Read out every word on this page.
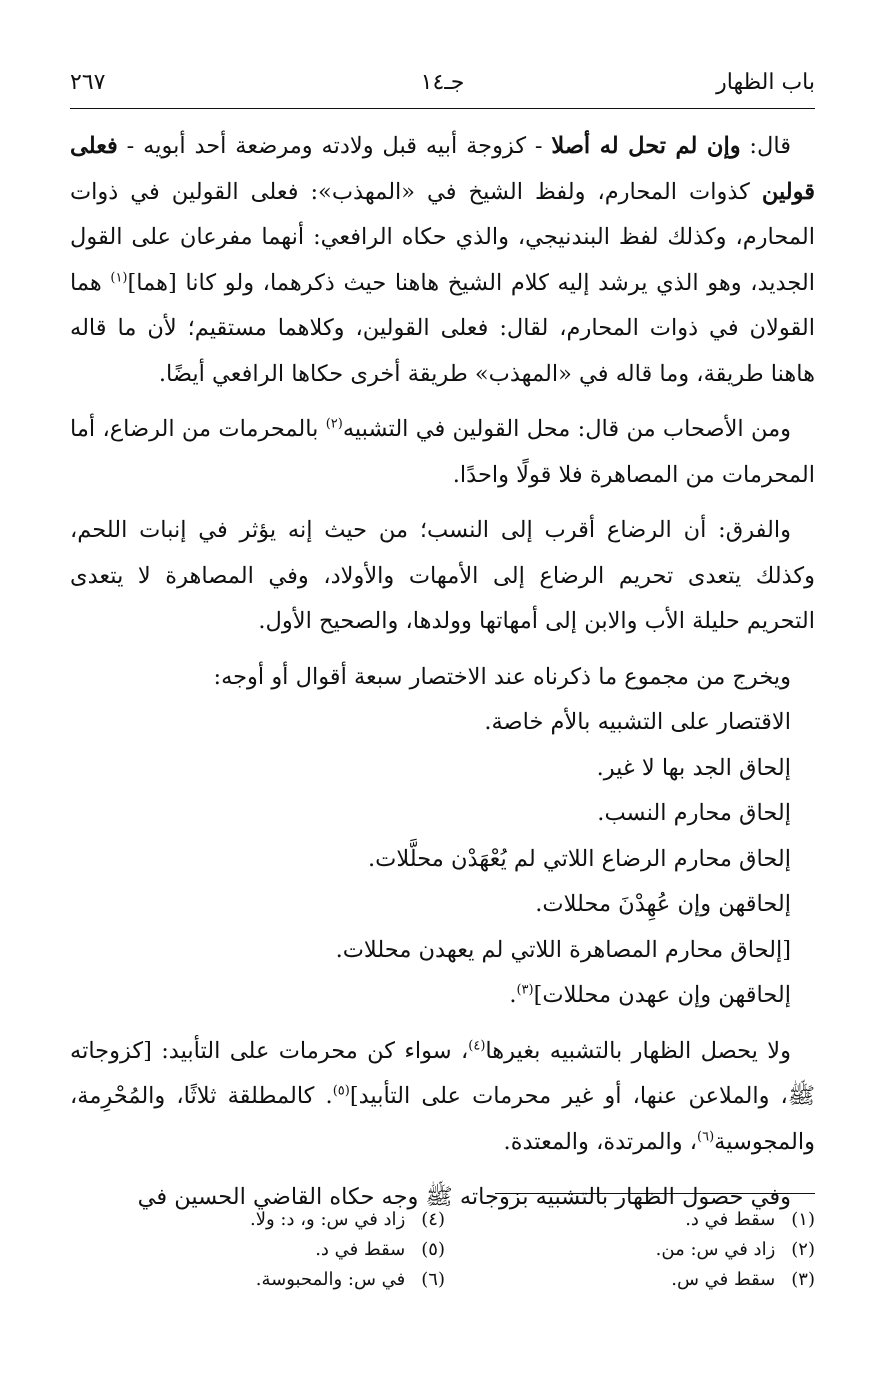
باب الظهار
جـ١٤
٢٦٧

قال: وإن لم تحل له أصلا - كزوجة أبيه قبل ولادته ومرضعة أحد أبويه - فعلى قولين كذوات المحارم، ولفظ الشيخ في «المهذب»: فعلى القولين في ذوات المحارم، وكذلك لفظ البندنيجي، والذي حكاه الرافعي: أنهما مفرعان على القول الجديد، وهو الذي يرشد إليه كلام الشيخ هاهنا حيث ذكرهما، ولو كانا [هما]$^{(١)}$ هما القولان في ذوات المحارم، لقال: فعلى القولين، وكلاهما مستقيم؛ لأن ما قاله هاهنا طريقة، وما قاله في «المهذب» طريقة أخرى حكاها الرافعي أيضًا.

ومن الأصحاب من قال: محل القولين في التشبيه$^{(٢)}$ بالمحرمات من الرضاع، أما المحرمات من المصاهرة فلا قولًا واحدًا.

والفرق: أن الرضاع أقرب إلى النسب؛ من حيث إنه يؤثر في إنبات اللحم، وكذلك يتعدى تحريم الرضاع إلى الأمهات والأولاد، وفي المصاهرة لا يتعدى التحريم حليلة الأب والابن إلى أمهاتها وولدها، والصحيح الأول.

ويخرج من مجموع ما ذكرناه عند الاختصار سبعة أقوال أو أوجه:

الاقتصار على التشبيه بالأم خاصة.

إلحاق الجد بها لا غير.

إلحاق محارم النسب.

إلحاق محارم الرضاع اللاتي لم يُعْهَدْن محلَّلات.

إلحاقهن وإن عُهِدْنَ محللات.

[إلحاق محارم المصاهرة اللاتي لم يعهدن محللات.

إلحاقهن وإن عهدن محللات]$^{(٣)}$.

ولا يحصل الظهار بالتشبيه بغيرها$^{(٤)}$، سواء كن محرمات على التأبيد: [كزوجاته ﷺ، والملاعن عنها، أو غير محرمات على التأبيد]$^{(٥)}$. كالمطلقة ثلاثًا، والمُحْرِمة، والمجوسية$^{(٦)}$، والمرتدة، والمعتدة.

وفي حصول الظهار بالتشبيه بزوجاته ﷺ وجه حكاه القاضي الحسين في

(١) سقط في د.
(٢) زاد في س: من.
(٣) سقط في س.
(٤) زاد في س: و، د: ولا.
(٥) سقط في د.
(٦) في س: والمحبوسة.
